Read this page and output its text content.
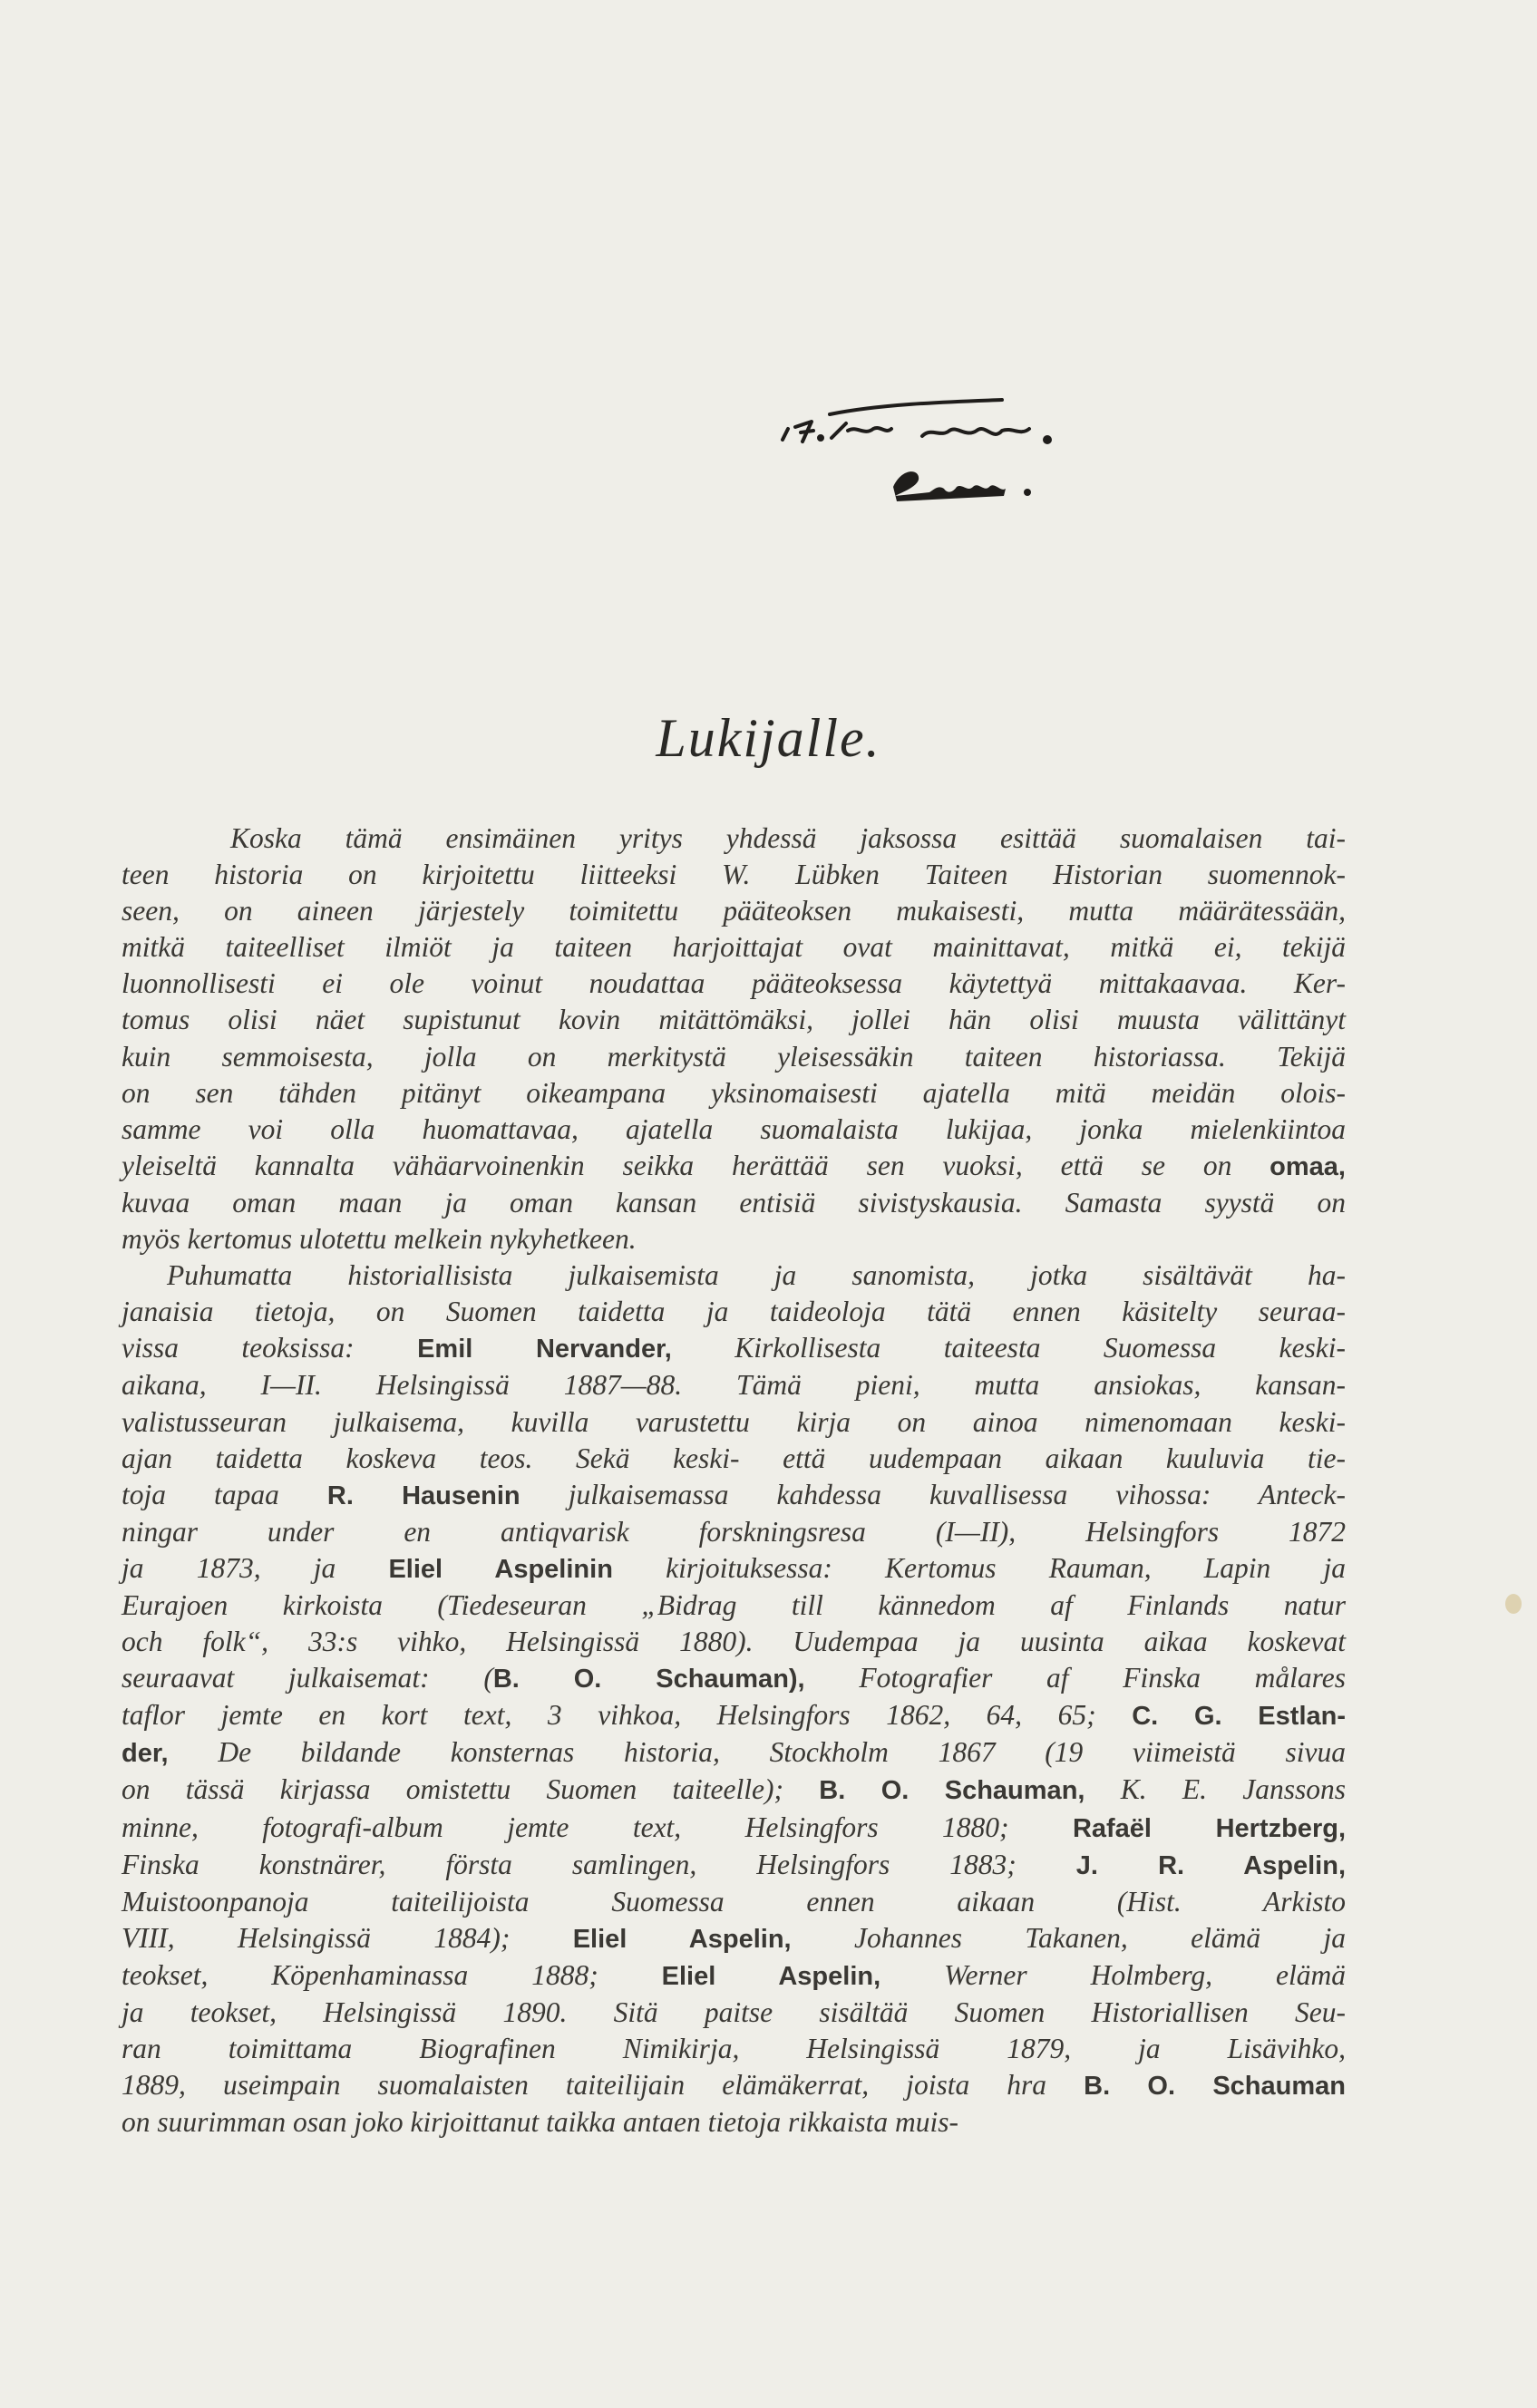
Lukijalle.
Koska tämä ensimäinen yritys yhdessä jaksossa esittää suomalaisen tai-
teen historia on kirjoitettu liitteeksi W. Lübken Taiteen Historian suomennok-
seen, on aineen järjestely toimitettu pääteoksen mukaisesti, mutta määrätessään,
mitkä taiteelliset ilmiöt ja taiteen harjoittajat ovat mainittavat, mitkä ei, tekijä
luonnollisesti ei ole voinut noudattaa pääteoksessa käytettyä mittakaavaa. Ker-
tomus olisi näet supistunut kovin mitättömäksi, jollei hän olisi muusta välittänyt
kuin semmoisesta, jolla on merkitystä yleisessäkin taiteen historiassa. Tekijä
on sen tähden pitänyt oikeampana yksinomaisesti ajatella mitä meidän olois-
samme voi olla huomattavaa, ajatella suomalaista lukijaa, jonka mielenkiintoa
yleiseltä kannalta vähäarvoinenkin seikka herättää sen vuoksi, että se on omaa,
kuvaa oman maan ja oman kansan entisiä sivistyskausia. Samasta syystä on
myös kertomus ulotettu melkein nykyhetkeen.
Puhumatta historiallisista julkaisemista ja sanomista, jotka sisältävät ha-
janaisia tietoja, on Suomen taidetta ja taideoloja tätä ennen käsitelty seuraa-
vissa teoksissa: Emil Nervander, Kirkollisesta taiteesta Suomessa keski-
aikana, I—II. Helsingissä 1887—88. Tämä pieni, mutta ansiokas, kansan-
valistusseuran julkaisema, kuvilla varustettu kirja on ainoa nimenomaan keski-
ajan taidetta koskeva teos. Sekä keski- että uudempaan aikaan kuuluvia tie-
toja tapaa R. Hausenin julkaisemassa kahdessa kuvallisessa vihossa: Anteck-
ningar under en antiqvarisk forskningsresa (I—II), Helsingfors 1872
ja 1873, ja Eliel Aspelinin kirjoituksessa: Kertomus Rauman, Lapin ja
Eurajoen kirkoista (Tiedeseuran „Bidrag till kännedom af Finlands natur
och folk“, 33:s vihko, Helsingissä 1880). Uudempaa ja uusinta aikaa koskevat
seuraavat julkaisemat: (B. O. Schauman), Fotografier af Finska målares
taflor jemte en kort text, 3 vihkoa, Helsingfors 1862, 64, 65; C. G. Estlan-
der, De bildande konsternas historia, Stockholm 1867 (19 viimeistä sivua
on tässä kirjassa omistettu Suomen taiteelle); B. O. Schauman, K. E. Janssons
minne, fotografi-album jemte text, Helsingfors 1880; Rafaël Hertzberg,
Finska konstnärer, första samlingen, Helsingfors 1883; J. R. Aspelin,
Muistoonpanoja taiteilijoista Suomessa ennen aikaan (Hist. Arkisto
VIII, Helsingissä 1884); Eliel Aspelin, Johannes Takanen, elämä ja
teokset, Köpenhaminassa 1888; Eliel Aspelin, Werner Holmberg, elämä
ja teokset, Helsingissä 1890. Sitä paitse sisältää Suomen Historiallisen Seu-
ran toimittama Biografinen Nimikirja, Helsingissä 1879, ja Lisävihko,
1889, useimpain suomalaisten taiteilijain elämäkerrat, joista hra B. O. Schauman
on suurimman osan joko kirjoittanut taikka antaen tietoja rikkaista muis-
